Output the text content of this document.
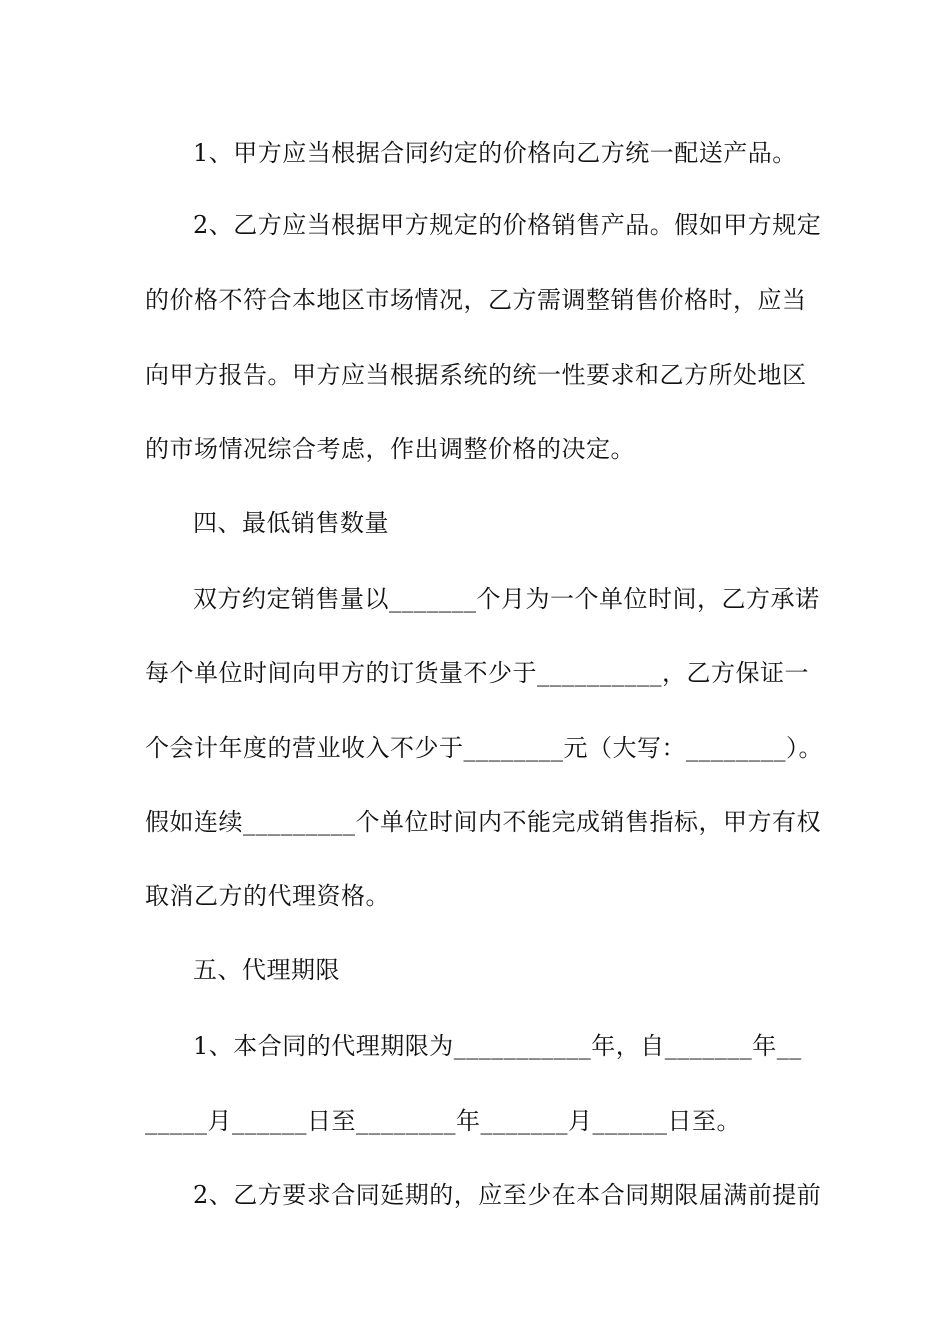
1、甲方应当根据合同约定的价格向乙方统一配送产品。
2、乙方应当根据甲方规定的价格销售产品。假如甲方规定
的价格不符合本地区市场情况，乙方需调整销售价格时，应当
向甲方报告。甲方应当根据系统的统一性要求和乙方所处地区
的市场情况综合考虑，作出调整价格的决定。
四、最低销售数量
双方约定销售量以_______个月为一个单位时间，乙方承诺
每个单位时间向甲方的订货量不少于__________，乙方保证一
个会计年度的营业收入不少于________元（大写：________）。
假如连续_________个单位时间内不能完成销售指标，甲方有权
取消乙方的代理资格。
五、代理期限
1、本合同的代理期限为___________年，自_______年__
_____月______日至________年_______月______日至。
2、乙方要求合同延期的，应至少在本合同期限届满前提前
